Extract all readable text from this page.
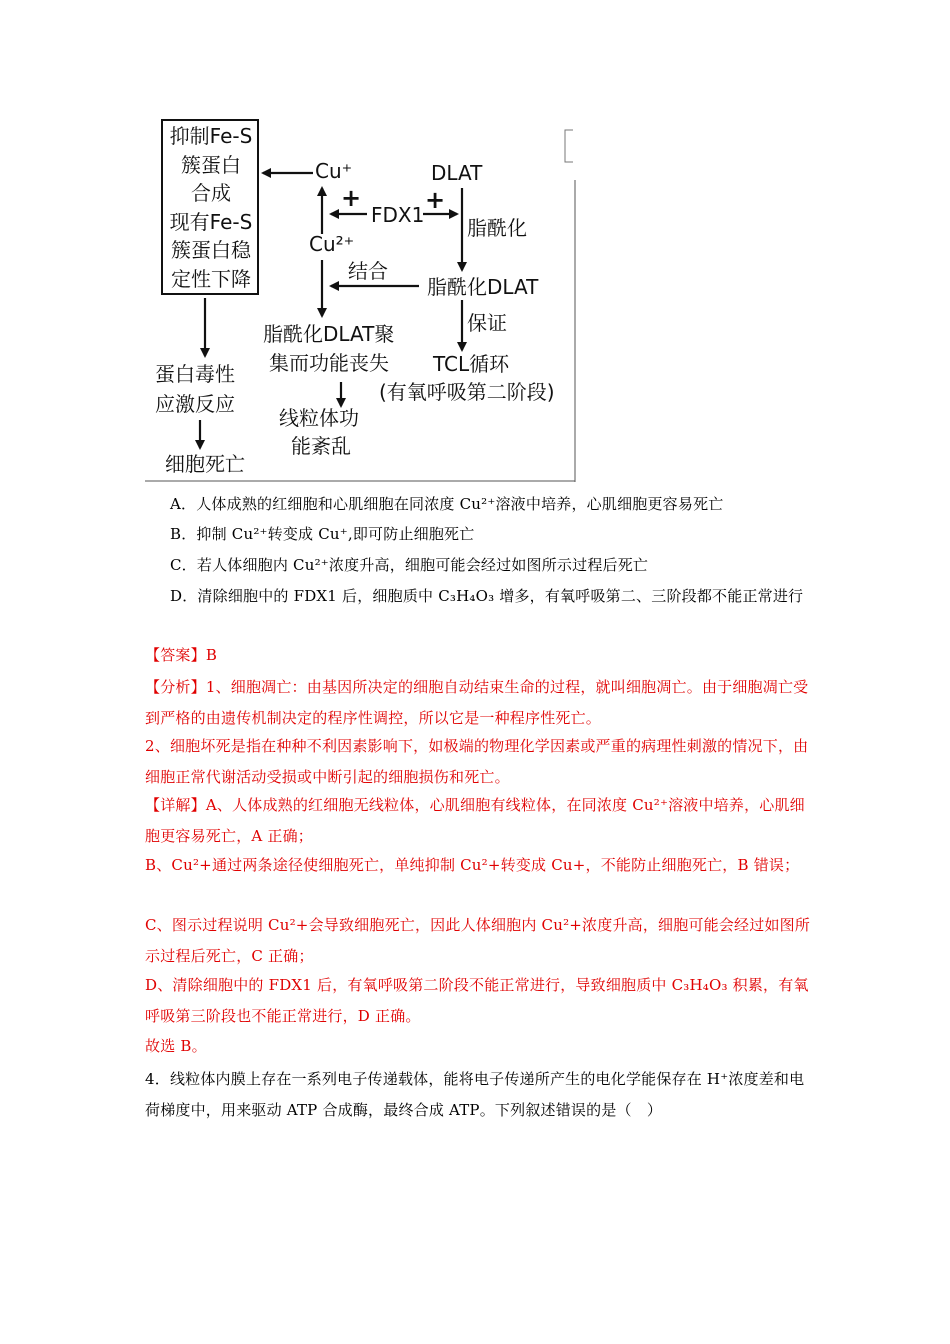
抑制Fe-S
簇蛋白
合成
现有Fe-S
簇蛋白稳
定性下降
Cu⁺
Cu²⁺
DLAT
FDX1
+	+
脂酰化
结合
脂酰化DLAT
保证
脂酰化DLAT聚
集而功能丧失 TCL循环
(有氧呼吸第二阶段)
蛋白毒性
应激反应
线粒体功
能紊乱
细胞死亡
A．人体成熟的红细胞和心肌细胞在同浓度 Cu²⁺溶液中培养，心肌细胞更容易死亡
B．抑制 Cu²⁺转变成 Cu⁺,即可防止细胞死亡
C．若人体细胞内 Cu²⁺浓度升高，细胞可能会经过如图所示过程后死亡
D．清除细胞中的 FDX1 后，细胞质中 C₃H₄O₃ 增多，有氧呼吸第二、三阶段都不能正常进行
【答案】B
【分析】1、细胞凋亡：由基因所决定的细胞自动结束生命的过程，就叫细胞凋亡。由于细胞凋亡受到严格的由遗传机制决定的程序性调控，所以它是一种程序性死亡。
2、细胞坏死是指在种种不利因素影响下，如极端的物理化学因素或严重的病理性刺激的情况下，由细胞正常代谢活动受损或中断引起的细胞损伤和死亡。
【详解】A、人体成熟的红细胞无线粒体，心肌细胞有线粒体，在同浓度 Cu²⁺溶液中培养，心肌细胞更容易死亡，A 正确；
B、Cu²+通过两条途径使细胞死亡，单纯抑制 Cu²+转变成 Cu+，不能防止细胞死亡，B 错误；
C、图示过程说明 Cu²+会导致细胞死亡，因此人体细胞内 Cu²+浓度升高，细胞可能会经过如图所示过程后死亡，C 正确；
D、清除细胞中的 FDX1 后，有氧呼吸第二阶段不能正常进行，导致细胞质中 C₃H₄O₃ 积累，有氧呼吸第三阶段也不能正常进行，D 正确。
故选 B。
4．线粒体内膜上存在一系列电子传递载体，能将电子传递所产生的电化学能保存在 H⁺浓度差和电荷梯度中，用来驱动 ATP 合成酶，最终合成 ATP。下列叙述错误的是（　）
